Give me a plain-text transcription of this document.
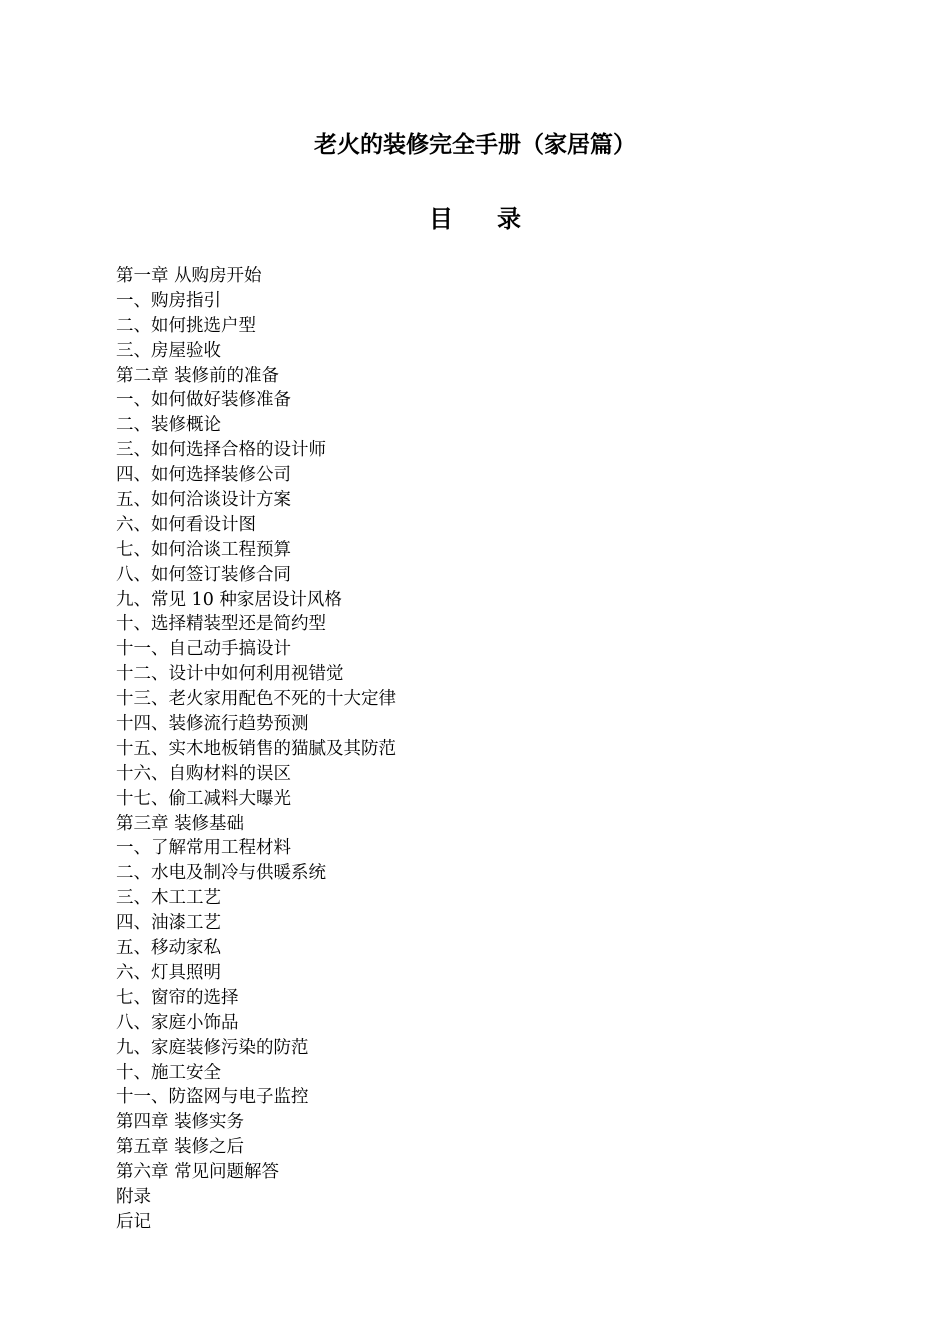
老火的装修完全手册（家居篇）
目 录
第一章 从购房开始
一、购房指引
二、如何挑选户型
三、房屋验收
第二章 装修前的准备
一、如何做好装修准备
二、装修概论
三、如何选择合格的设计师
四、如何选择装修公司
五、如何洽谈设计方案
六、如何看设计图
七、如何洽谈工程预算
八、如何签订装修合同
九、常见 10 种家居设计风格
十、选择精装型还是简约型
十一、自己动手搞设计
十二、设计中如何利用视错觉
十三、老火家用配色不死的十大定律
十四、装修流行趋势预测
十五、实木地板销售的猫腻及其防范
十六、自购材料的误区
十七、偷工减料大曝光
第三章 装修基础
一、了解常用工程材料
二、水电及制冷与供暖系统
三、木工工艺
四、油漆工艺
五、移动家私
六、灯具照明
七、窗帘的选择
八、家庭小饰品
九、家庭装修污染的防范
十、施工安全
十一、防盗网与电子监控
第四章 装修实务
第五章 装修之后
第六章 常见问题解答
附录
后记
